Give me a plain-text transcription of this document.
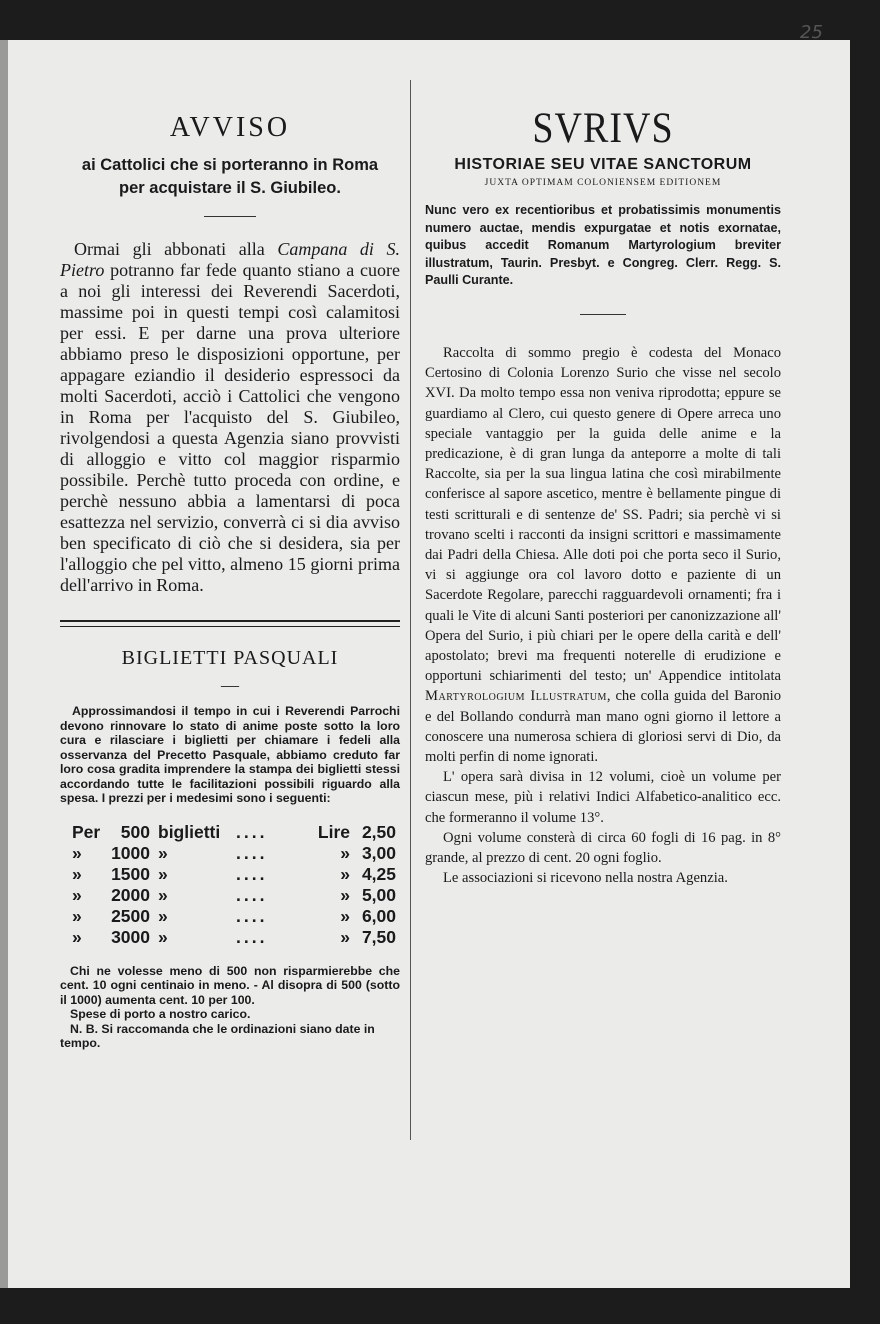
25
AVVISO

ai Cattolici che si porteranno in Roma

per acquistare il S. Giubileo.

Ormai gli abbonati alla Campana di S. Pietro potranno far fede quanto stiano a cuore a noi gli interessi dei Reverendi Sacerdoti, massime poi in questi tempi così calamitosi per essi. E per darne una prova ulteriore abbiamo preso le disposizioni opportune, per appagare eziandio il desiderio espressoci da molti Sacerdoti, acciò i Cattolici che vengono in Roma per l'acquisto del S. Giubileo, rivolgendosi a questa Agenzia siano provvisti di alloggio e vitto col maggior risparmio possibile. Perchè tutto proceda con ordine, e perchè nessuno abbia a lamentarsi di poca esattezza nel servizio, converrà ci si dia avviso ben specificato di ciò che si desidera, sia per l'alloggio che pel vitto, almeno 15 giorni prima dell'arrivo in Roma.

BIGLIETTI PASQUALI
—

Approssimandosi il tempo in cui i Reverendi Parrochi devono rinnovare lo stato di anime poste sotto la loro cura e rilasciare i biglietti per chiamare i fedeli alla osservanza del Precetto Pasquale, abbiamo creduto far loro cosa gradita imprendere la stampa dei biglietti stessi accordando tutte le facilitazioni possibili riguardo alla spesa. I prezzi per i medesimi sono i seguenti:

Per	500	biglietti	....	Lire	2,50
»	1000	»	....	»	3,00
»	1500	»	....	»	4,25
»	2000	»	....	»	5,00
»	2500	»	....	»	6,00
»	3000	»	....	»	7,50

Chi ne volesse meno di 500 non risparmierebbe che cent. 10 ogni centinaio in meno. - Al disopra di 500 (sotto il 1000) aumenta cent. 10 per 100.

Spese di porto a nostro carico.

N. B. Si raccomanda che le ordinazioni siano date in tempo.

SVRIVS
HISTORIAE SEU VITAE SANCTORUM
JUXTA OPTIMAM COLONIENSEM EDITIONEM

Nunc vero ex recentioribus et probatissimis monumentis numero auctae, mendis expurgatae et notis exornatae, quibus accedit Romanum Martyrologium breviter illustratum, Taurin. Presbyt. e Congreg. Clerr. Regg. S. Paulli Curante.

Raccolta di sommo pregio è codesta del Monaco Certosino di Colonia Lorenzo Surio che visse nel secolo XVI. Da molto tempo essa non veniva riprodotta; eppure se guardiamo al Clero, cui questo genere di Opere arreca uno speciale vantaggio per la guida delle anime e la predicazione, è di gran lunga da anteporre a molte di tali Raccolte, sia per la sua lingua latina che così mirabilmente conferisce al sapore ascetico, mentre è bellamente pingue di testi scritturali e di sentenze de' SS. Padri; sia perchè vi si trovano scelti i racconti da insigni scrittori e massimamente dai Padri della Chiesa. Alle doti poi che porta seco il Surio, vi si aggiunge ora col lavoro dotto e paziente di un Sacerdote Regolare, parecchi ragguardevoli ornamenti; fra i quali le Vite di alcuni Santi posteriori per canonizzazione all' Opera del Surio, i più chiari per le opere della carità e dell' apostolato; brevi ma frequenti noterelle di erudizione e opportuni schiarimenti del testo; un' Appendice intitolata Martyrologium Illustratum, che colla guida del Baronio e del Bollando condurrà man mano ogni giorno il lettore a conoscere una numerosa schiera di gloriosi servi di Dio, da molti perfin di nome ignorati.

L' opera sarà divisa in 12 volumi, cioè un volume per ciascun mese, più i relativi Indici Alfabetico-analitico ecc. che formeranno il volume 13°.

Ogni volume consterà di circa 60 fogli di 16 pag. in 8° grande, al prezzo di cent. 20 ogni foglio.

Le associazioni si ricevono nella nostra Agenzia.
